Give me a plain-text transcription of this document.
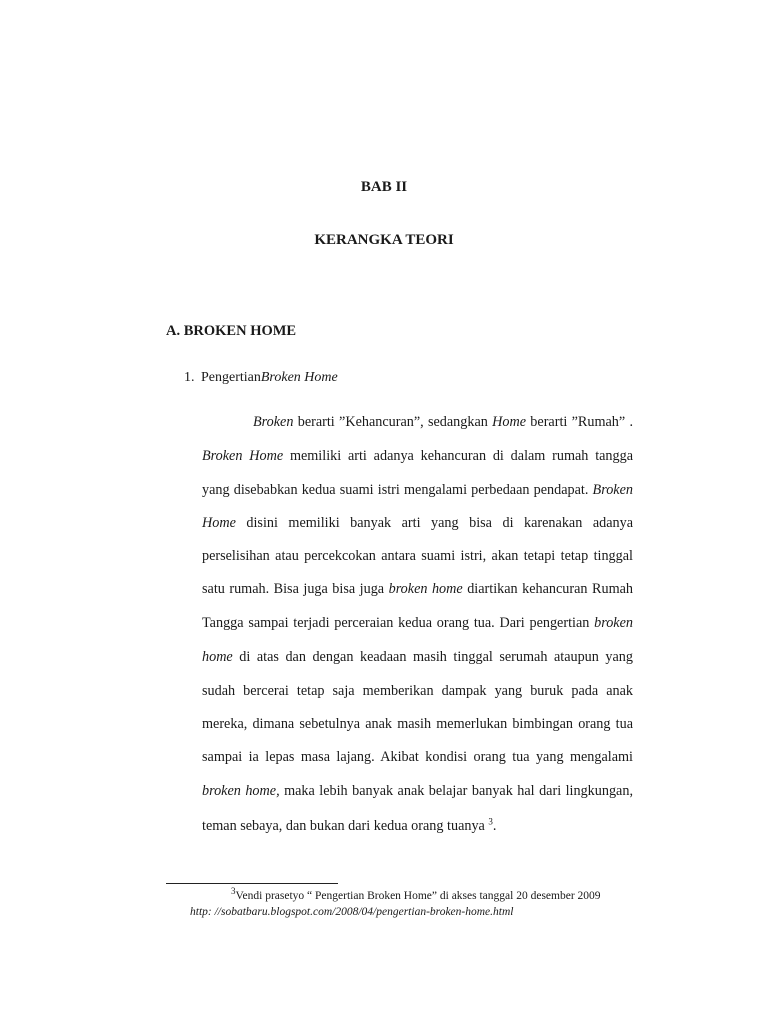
BAB II
KERANGKA TEORI
A. BROKEN HOME
1. PengertianBroken Home
Broken berarti ”Kehancuran”, sedangkan Home berarti ”Rumah” .
Broken Home memiliki arti adanya kehancuran di dalam rumah tangga
yang disebabkan kedua suami istri mengalami perbedaan pendapat. Broken
Home disini memiliki banyak arti yang bisa di karenakan adanya
perselisihan atau percekcokan antara suami istri, akan tetapi tetap tinggal
satu rumah. Bisa juga bisa juga broken home diartikan kehancuran Rumah
Tangga sampai terjadi perceraian kedua orang tua. Dari pengertian broken
home di atas dan dengan keadaan masih tinggal serumah ataupun yang
sudah bercerai tetap saja memberikan dampak yang buruk pada anak
mereka, dimana sebetulnya anak masih memerlukan bimbingan orang tua
sampai ia lepas masa lajang. Akibat kondisi orang tua yang mengalami
broken home, maka lebih banyak anak belajar banyak hal dari lingkungan,
teman sebaya, dan bukan dari kedua orang tuanya $^3$.
$^3$Vendi prasetyo “ Pengertian Broken Home” di akses tanggal 20 desember 2009
http: //sobatbaru.blogspot.com/2008/04/pengertian-broken-home.html
